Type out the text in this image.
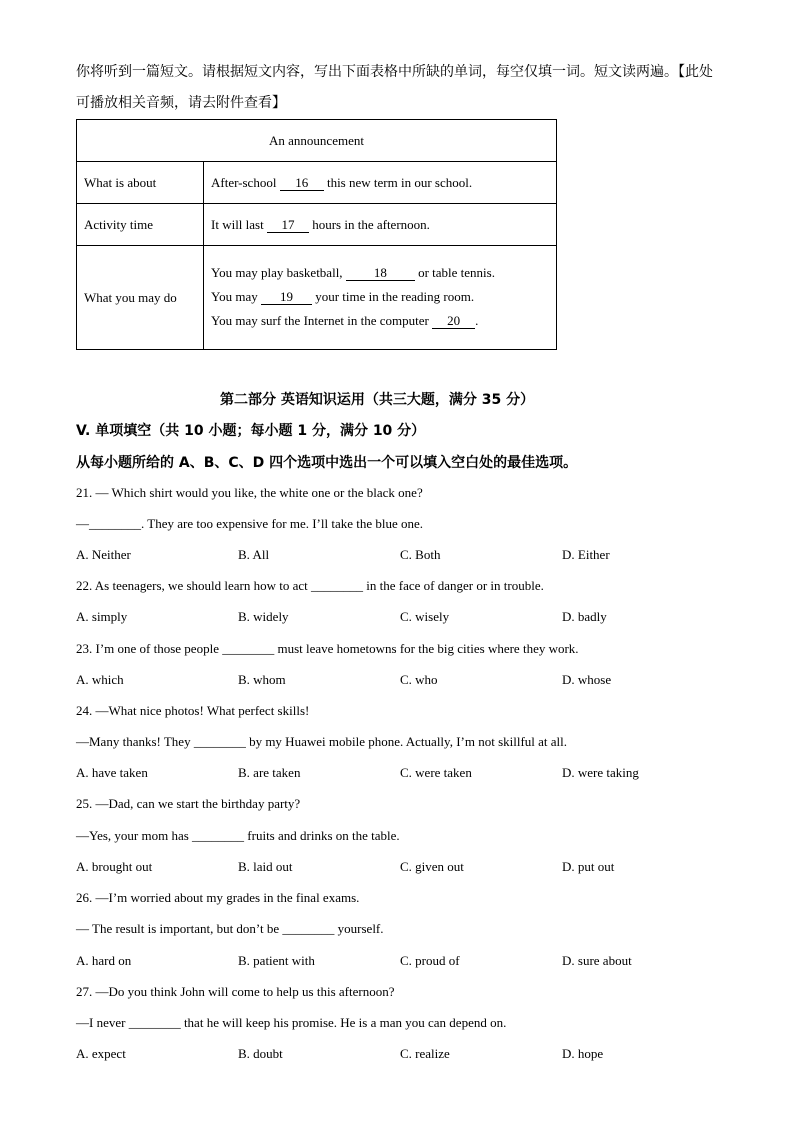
你将听到一篇短文。请根据短文内容，写出下面表格中所缺的单词，每空仅填一词。短文读两遍。【此处
可播放相关音频，请去附件查看】
An announcement	
What is about	After-school 16 this new term in our school.
Activity time	It will last 17 hours in the afternoon.
What you may do	You may play basketball, 18 or table tennis.
You may 19 your time in the reading room.
You may surf the Internet in the computer 20 .
第二部分 英语知识运用（共三大题，满分 35 分）
V. 单项填空（共 10 小题；每小题 1 分，满分 10 分）
从每小题所给的 A、B、C、D 四个选项中选出一个可以填入空白处的最佳选项。
21. — Which shirt would you like, the white one or the black one?
—________. They are too expensive for me. I’ll take the blue one.
A. Neither	B. All	C. Both	D. Either
22. As teenagers, we should learn how to act ________ in the face of danger or in trouble.
A. simply	B. widely	C. wisely	D. badly
23. I’m one of those people ________ must leave hometowns for the big cities where they work.
A. which	B. whom	C. who	D. whose
24. —What nice photos! What perfect skills!
—Many thanks! They ________ by my Huawei mobile phone. Actually, I’m not skillful at all.
A. have taken	B. are taken	C. were taken	D. were taking
25. —Dad, can we start the birthday party?
—Yes, your mom has ________ fruits and drinks on the table.
A. brought out	B. laid out	C. given out	D. put out
26. —I’m worried about my grades in the final exams.
— The result is important, but don’t be ________ yourself.
A. hard on	B. patient with	C. proud of	D. sure about
27. —Do you think John will come to help us this afternoon?
—I never ________ that he will keep his promise. He is a man you can depend on.
A. expect	B. doubt	C. realize	D. hope
